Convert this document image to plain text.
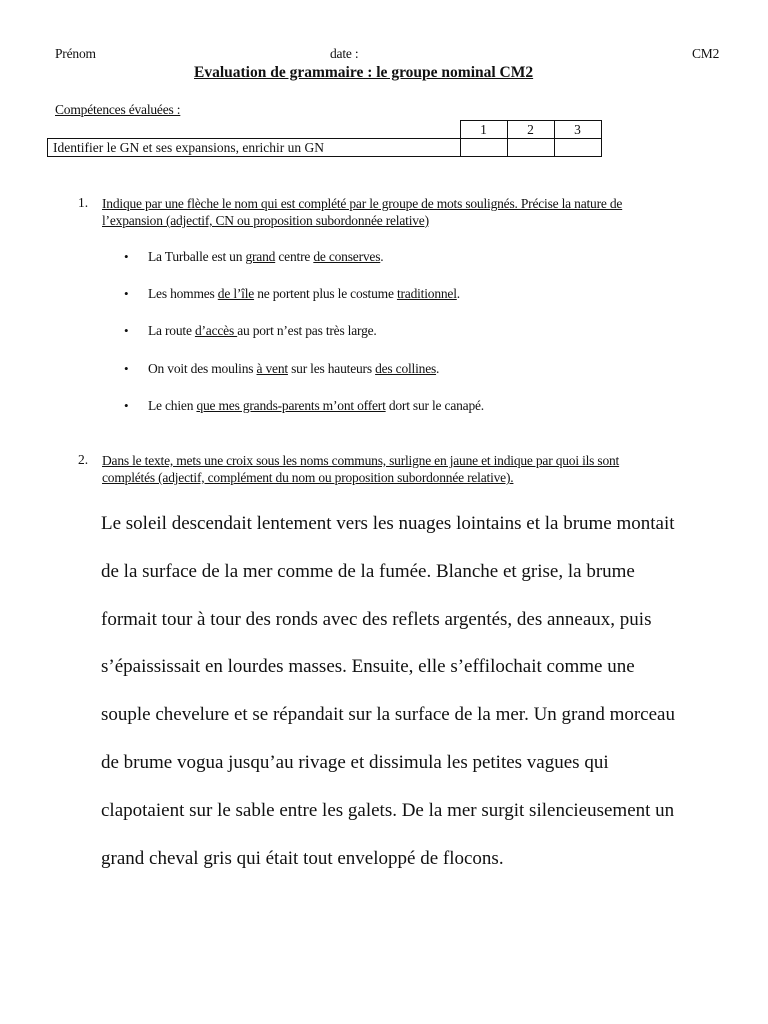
Prénom	date :	CM2
Evaluation de grammaire : le groupe nominal CM2
Compétences évaluées :
	1	2	3
Identifier le GN et ses expansions, enrichir un GN			
1. Indique par une flèche le nom qui est complété par le groupe de mots soulignés. Précise la nature de
l’expansion (adjectif, CN ou proposition subordonnée relative)
• La Turballe est un grand centre de conserves.
• Les hommes de l’île ne portent plus le costume traditionnel.
• La route d’accès au port n’est pas très large.
• On voit des moulins à vent sur les hauteurs des collines.
• Le chien que mes grands-parents m’ont offert dort sur le canapé.
2. Dans le texte, mets une croix sous les noms communs, surligne en jaune et indique par quoi ils sont
complétés (adjectif, complément du nom ou proposition subordonnée relative).
Le soleil descendait lentement vers les nuages lointains et la brume montait
de la surface de la mer comme de la fumée. Blanche et grise, la brume
formait tour à tour des ronds avec des reflets argentés, des anneaux, puis
s’épaississait en lourdes masses. Ensuite, elle s’effilochait comme une
souple chevelure et se répandait sur la surface de la mer. Un grand morceau
de brume vogua jusqu’au rivage et dissimula les petites vagues qui
clapotaient sur le sable entre les galets. De la mer surgit silencieusement un
grand cheval gris qui était tout enveloppé de flocons.
